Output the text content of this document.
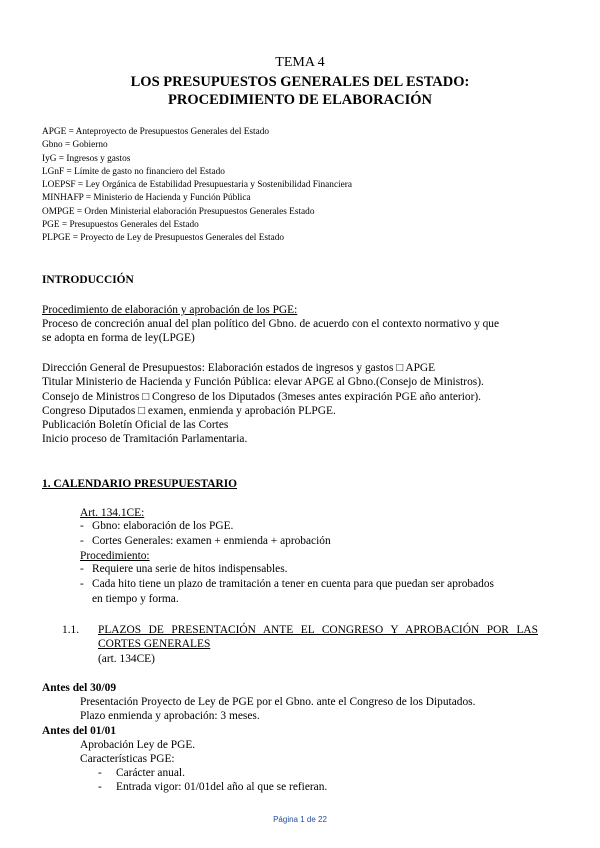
TEMA 4
LOS PRESUPUESTOS GENERALES DEL ESTADO:
PROCEDIMIENTO DE ELABORACIÓN
APGE = Anteproyecto de Presupuestos Generales del Estado
Gbno = Gobierno
IyG = Ingresos y gastos
LGnF = Límite de gasto no financiero del Estado
LOEPSF = Ley Orgánica de Estabilidad Presupuestaria y Sostenibilidad Financiera
MINHAFP = Ministerio de Hacienda y Función Pública
OMPGE = Orden Ministerial elaboración Presupuestos Generales Estado
PGE = Presupuestos Generales del Estado
PLPGE = Proyecto de Ley de Presupuestos Generales del Estado
INTRODUCCIÓN
Procedimiento de elaboración y aprobación de los PGE:
Proceso de concreción anual del plan político del Gbno. de acuerdo con el contexto normativo y que
se adopta en forma de ley(LPGE)
Dirección General de Presupuestos: Elaboración estados de ingresos y gastos □ APGE
Titular Ministerio de Hacienda y Función Pública: elevar APGE al Gbno.(Consejo de Ministros).
Consejo de Ministros □ Congreso de los Diputados (3meses antes expiración PGE año anterior).
Congreso Diputados □ examen, enmienda y aprobación PLPGE.
Publicación Boletín Oficial de las Cortes
Inicio proceso de Tramitación Parlamentaria.
1. CALENDARIO PRESUPUESTARIO
Art. 134.1CE:
- Gbno: elaboración de los PGE.
- Cortes Generales: examen + enmienda + aprobación
Procedimiento:
- Requiere una serie de hitos indispensables.
- Cada hito tiene un plazo de tramitación a tener en cuenta para que puedan ser aprobados
en tiempo y forma.
1.1. PLAZOS DE PRESENTACIÓN ANTE EL CONGRESO Y APROBACIÓN POR LAS
CORTES GENERALES
(art. 134CE)
Antes del 30/09
Presentación Proyecto de Ley de PGE por el Gbno. ante el Congreso de los Diputados.
Plazo enmienda y aprobación: 3 meses.
Antes del 01/01
Aprobación Ley de PGE.
Características PGE:
- Carácter anual.
- Entrada vigor: 01/01del año al que se refieran.
Página 1 de 22
